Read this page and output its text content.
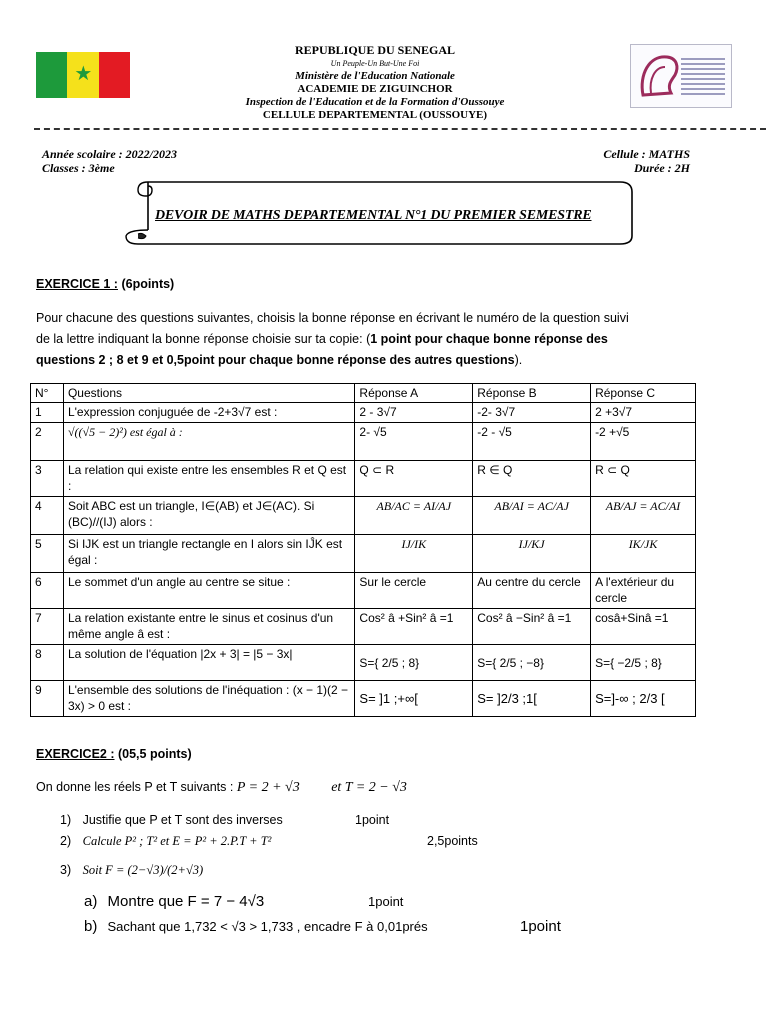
★
REPUBLIQUE DU SENEGAL
Un Peuple-Un But-Une Foi
Ministère de l'Education Nationale
ACADEMIE DE ZIGUINCHOR
Inspection de l'Education et de la Formation d'Oussouye
CELLULE DEPARTEMENTAL (OUSSOUYE)
Année scolaire : 2022/2023
Classes : 3ème
Cellule : MATHS
Durée : 2H
DEVOIR DE MATHS DEPARTEMENTAL N°1 DU PREMIER SEMESTRE
EXERCICE 1 : (6points)
Pour chacune des questions suivantes, choisis la bonne réponse en écrivant le numéro de la question suivi
de la lettre indiquant la bonne réponse choisie sur ta copie: (1 point pour chaque bonne réponse des
questions 2 ; 8 et 9 et 0,5point pour chaque bonne réponse des autres questions).
N°	Questions	Réponse A	Réponse B	Réponse C
1	L'expression conjuguée de -2+3√7 est :	2 - 3√7	-2- 3√7	2 +3√7
2	√((√5 − 2)²) est égal à :	2- √5	-2 - √5	-2 +√5
3	La relation qui existe entre les ensembles R et Q est :	Q ⊂ R	R ∈ Q	R ⊂ Q
4	Soit ABC est un triangle, I∈(AB) et J∈(AC). Si (BC)//(IJ) alors :	AB/AC = AI/AJ	AB/AI = AC/AJ	AB/AJ = AC/AI
5	Si IJK est un triangle rectangle en I alors sin IĴK est égal :	IJ/IK	IJ/KJ	IK/JK
6	Le sommet d'un angle au centre se situe :	Sur le cercle	Au centre du cercle	A l'extérieur du cercle
7	La relation existante entre le sinus et cosinus d'un même angle â est :	Cos² â +Sin² â =1	Cos² â −Sin² â =1	cosâ+Sinâ =1
8	La solution de l'équation |2x + 3| = |5 − 3x|	S={ 2/5 ; 8}	S={ 2/5 ; −8}	S={ −2/5 ; 8}
9	L'ensemble des solutions de l'inéquation : (x − 1)(2 − 3x) > 0 est :	S= ]1 ;+∞[	S= ]2/3 ;1[	S=]-∞ ; 2/3 [
EXERCICE2 : (05,5 points)
On donne les réels P et T suivants : P = 2 + √3 et T = 2 − √3
1) Justifie que P et T sont des inverses	1point
2) Calcule P² ; T² et E = P² + 2.P.T + T²	2,5points
3) Soit F = (2−√3)/(2+√3)
a) Montre que F = 7 − 4√3	1point
b) Sachant que 1,732 < √3 > 1,733 , encadre F à 0,01prés	1point
